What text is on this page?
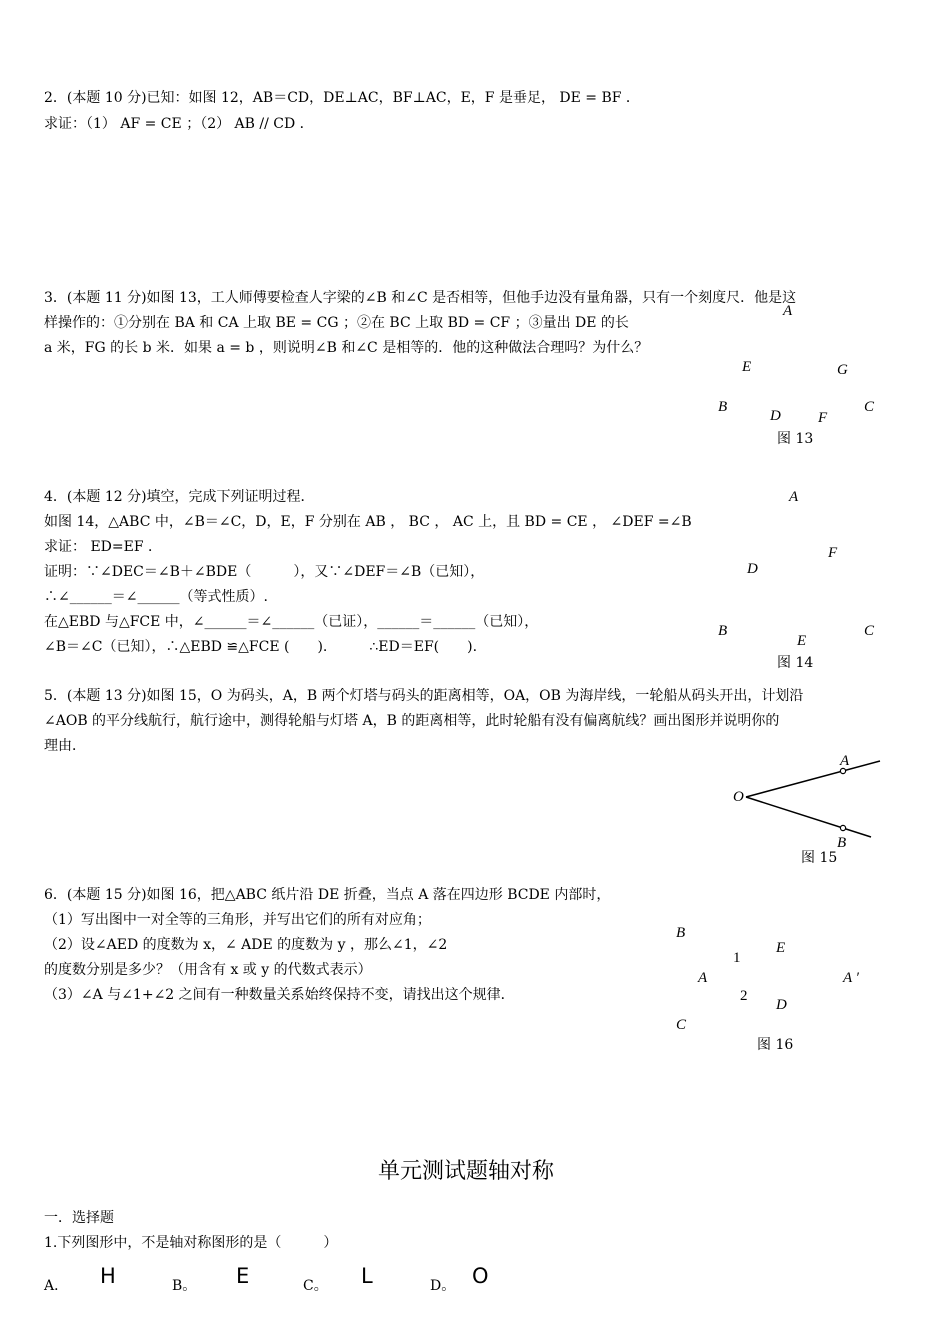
2．(本题 10 分)已知：如图 12，AB＝CD，DE⊥AC，BF⊥AC，E，F 是垂足， DE = BF ．
求证：（1） AF = CE ；（2） AB // CD ．
3．(本题 11 分)如图 13，工人师傅要检查人字梁的∠B 和∠C 是否相等，但他手边没有量角器，只有一个刻度尺．他是这
样操作的：①分别在 BA 和 CA 上取 BE = CG ；②在 BC 上取 BD = CF ；③量出 DE 的长
a 米，FG 的长 b 米．如果 a = b ，则说明∠B 和∠C 是相等的．他的这种做法合理吗？为什么？
A
E	G
B
D F
C
图 13
4．(本题 12 分)填空，完成下列证明过程．
如图 14，△ABC 中，∠B＝∠C，D，E，F 分别在 AB ， BC ， AC 上，且 BD = CE ， ∠DEF =∠B
求证： ED=EF ．
证明：∵∠DEC＝∠B＋∠BDE（　　　），又∵∠DEF＝∠B（已知），
∴∠______＝∠______（等式性质）.
在△EBD 与△FCE 中，∠______＝∠______（已证），______＝______（已知），
∠B＝∠C（已知），∴△EBD ≌△FCE (　　).　　　∴ED＝EF(　　).
A
F
D
B
E
C
图 14
5．(本题 13 分)如图 15，O 为码头，A，B 两个灯塔与码头的距离相等，OA，OB 为海岸线，一轮船从码头开出，计划沿
∠AOB 的平分线航行，航行途中，测得轮船与灯塔 A，B 的距离相等，此时轮船有没有偏离航线？画出图形并说明你的
理由．
A
O
B
图 15
6．(本题 15 分)如图 16，把△ABC 纸片沿 DE 折叠，当点 A 落在四边形 BCDE 内部时，
（1）写出图中一对全等的三角形，并写出它们的所有对应角；
（2）设∠AED 的度数为 x，∠ ADE 的度数为 y ，那么∠1，∠2
的度数分别是多少？（用含有 x 或 y 的代数式表示）
（3）∠A 与∠1+∠2 之间有一种数量关系始终保持不变，请找出这个规律．
B
1
E
A	A ′
2
D
C
图 16
单元测试题轴对称
一．选择题
1.下列图形中，不是轴对称图形的是（　　　）
A． H	B。 E	C。 L	D。 O
